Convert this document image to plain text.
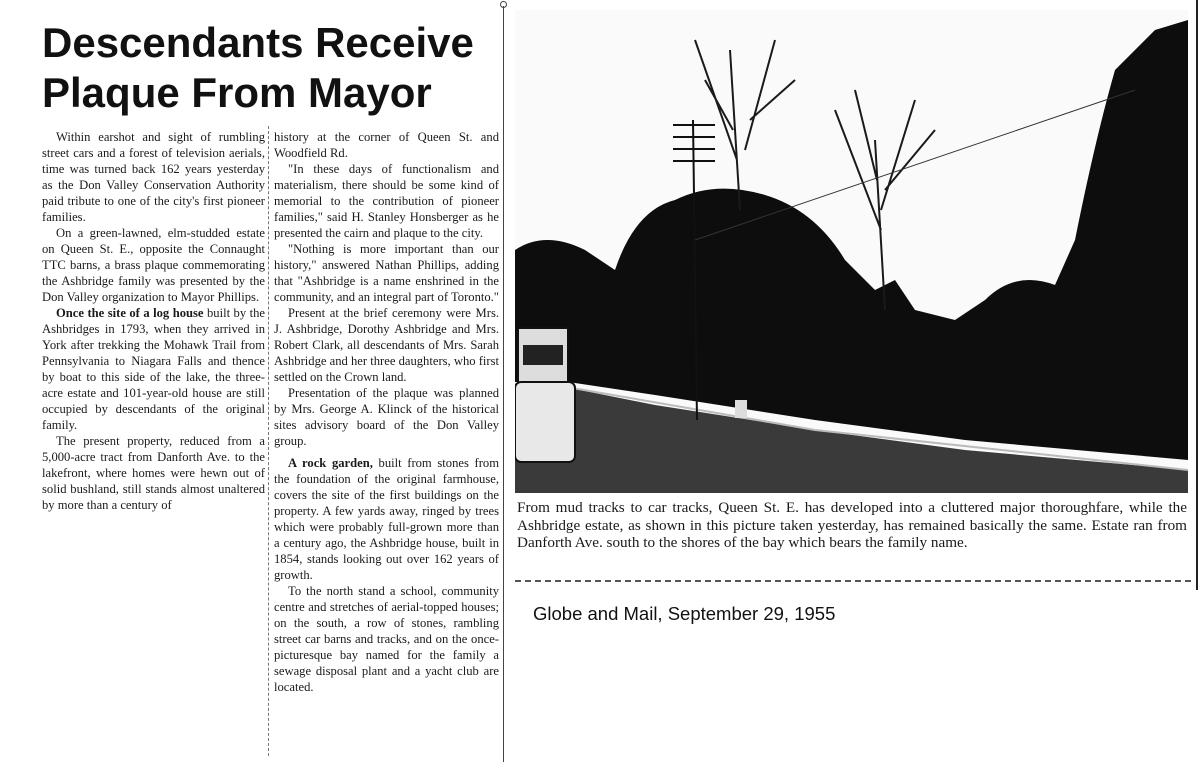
Descendants Receive
Plaque From Mayor

Within earshot and sight of rumbling street cars and a forest of television aerials, time was turned back 162 years yesterday as the Don Valley Conservation Authority paid tribute to one of the city's first pioneer families.

On a green-lawned, elm-studded estate on Queen St. E., opposite the Connaught TTC barns, a brass plaque commemorating the Ashbridge family was presented by the Don Valley organization to Mayor Phillips.

Once the site of a log house built by the Ashbridges in 1793, when they arrived in York after trekking the Mohawk Trail from Pennsylvania to Niagara Falls and thence by boat to this side of the lake, the three-acre estate and 101-year-old house are still occupied by descendants of the original family.

The present property, reduced from a 5,000-acre tract from Danforth Ave. to the lakefront, where homes were hewn out of solid bushland, still stands almost unaltered by more than a century of

history at the corner of Queen St. and Woodfield Rd.

"In these days of functionalism and materialism, there should be some kind of memorial to the contribution of pioneer families," said H. Stanley Honsberger as he presented the cairn and plaque to the city.

"Nothing is more important than our history," answered Nathan Phillips, adding that "Ashbridge is a name enshrined in the community, and an integral part of Toronto."

Present at the brief ceremony were Mrs. J. Ashbridge, Dorothy Ashbridge and Mrs. Robert Clark, all descendants of Mrs. Sarah Ashbridge and her three daughters, who first settled on the Crown land.

Presentation of the plaque was planned by Mrs. George A. Klinck of the historical sites advisory board of the Don Valley group.

A rock garden, built from stones from the foundation of the original farmhouse, covers the site of the first buildings on the property. A few yards away, ringed by trees which were probably full-grown more than a century ago, the Ashbridge house, built in 1854, stands looking out over 162 years of growth.

To the north stand a school, community centre and stretches of aerial-topped houses; on the south, a row of stones, rambling street car barns and tracks, and on the once-picturesque bay named for the family a sewage disposal plant and a yacht club are located.

From mud tracks to car tracks, Queen St. E. has developed into a cluttered major thoroughfare, while the Ashbridge estate, as shown in this picture taken yesterday, has remained basically the same. Estate ran from Danforth Ave. south to the shores of the bay which bears the family name.
Globe and Mail, September 29, 1955
